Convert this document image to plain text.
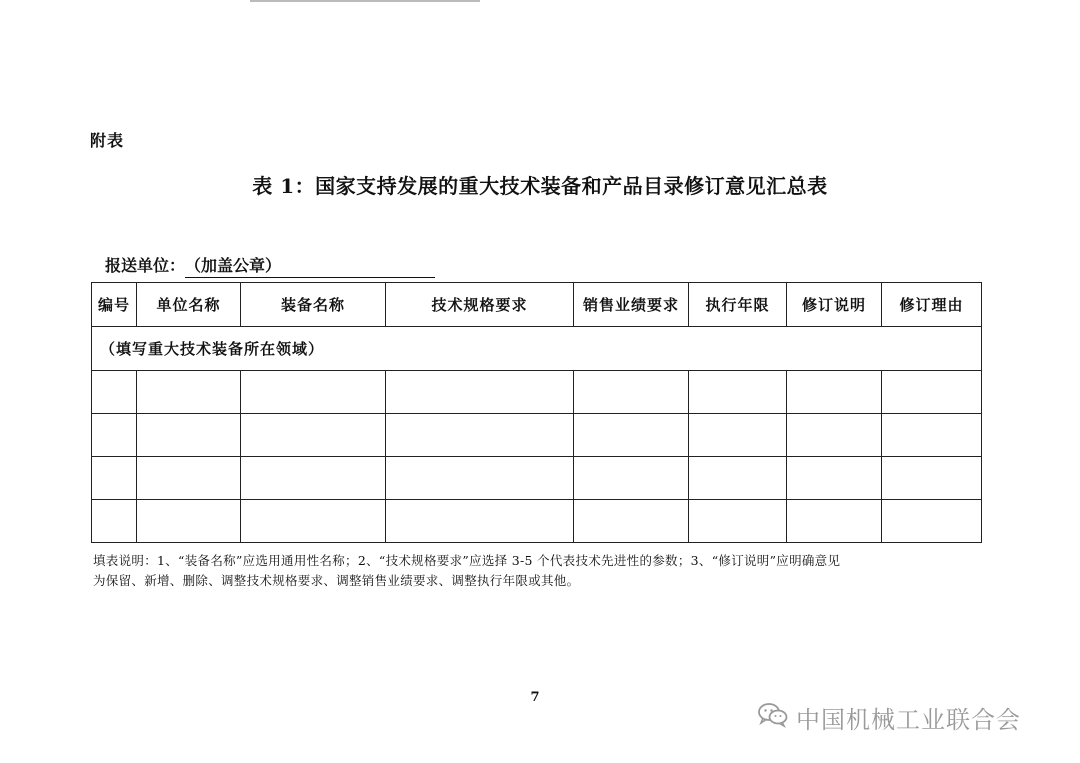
附表
表 1：国家支持发展的重大技术装备和产品目录修订意见汇总表
报送单位：（加盖公章）
编号	单位名称	装备名称	技术规格要求	销售业绩要求	执行年限	修订说明	修订理由
（填写重大技术装备所在领域）							

填表说明：1、“装备名称”应选用通用性名称；2、“技术规格要求”应选择 3-5 个代表技术先进性的参数；3、“修订说明”应明确意见
为保留、新增、删除、调整技术规格要求、调整销售业绩要求、调整执行年限或其他。
7
中国机械工业联合会
